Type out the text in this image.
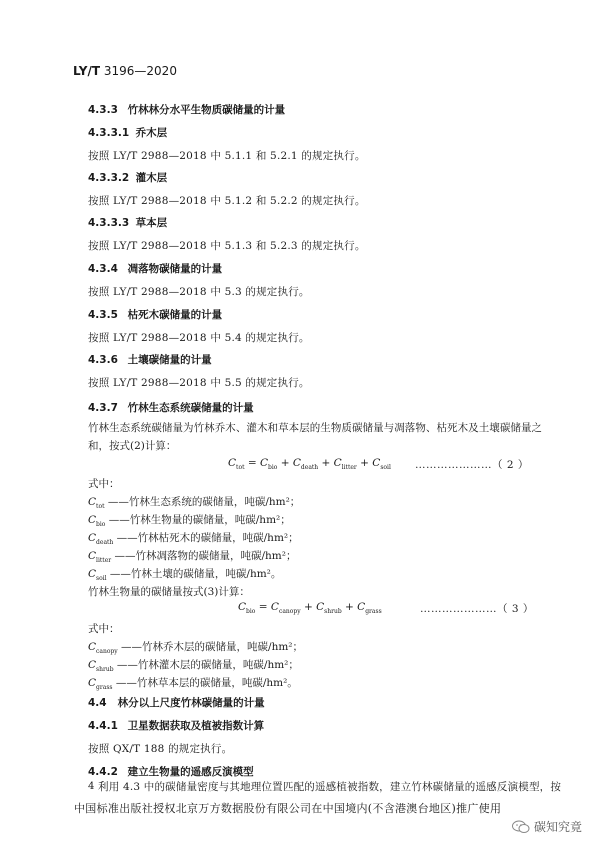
LY/T 3196—2020
4.3.3 竹林林分水平生物质碳储量的计量
4.3.3.1 乔木层
按照 LY/T 2988—2018 中 5.1.1 和 5.2.1 的规定执行。
4.3.3.2 灌木层
按照 LY/T 2988—2018 中 5.1.2 和 5.2.2 的规定执行。
4.3.3.3 草本层
按照 LY/T 2988—2018 中 5.1.3 和 5.2.3 的规定执行。
4.3.4 凋落物碳储量的计量
按照 LY/T 2988—2018 中 5.3 的规定执行。
4.3.5 枯死木碳储量的计量
按照 LY/T 2988—2018 中 5.4 的规定执行。
4.3.6 土壤碳储量的计量
按照 LY/T 2988—2018 中 5.5 的规定执行。
4.3.7 竹林生态系统碳储量的计量
竹林生态系统碳储量为竹林乔木、灌木和草本层的生物质碳储量与凋落物、枯死木及土壤碳储量之和，按式(2)计算：
$C_{tot} = C_{bio} + C_{death} + C_{litter} + C_{soil}$ …………………（ 2 ）
式中：
$C_{tot}$ ——竹林生态系统的碳储量，吨碳/hm²；
$C_{bio}$ ——竹林生物量的碳储量，吨碳/hm²；
$C_{death}$ ——竹林枯死木的碳储量，吨碳/hm²；
$C_{litter}$ ——竹林凋落物的碳储量，吨碳/hm²；
$C_{soil}$ ——竹林土壤的碳储量，吨碳/hm²。
竹林生物量的碳储量按式(3)计算：
$C_{bio} = C_{canopy} + C_{shrub} + C_{grass}$	…………………（ 3 ）
式中：
$C_{canopy}$ ——竹林乔木层的碳储量，吨碳/hm²；
$C_{shrub}$ ——竹林灌木层的碳储量，吨碳/hm²；
$C_{grass}$ ——竹林草本层的碳储量，吨碳/hm²。
4.4 林分以上尺度竹林碳储量的计量
4.4.1 卫星数据获取及植被指数计算
按照 QX/T 188 的规定执行。
4.4.2 建立生物量的遥感反演模型
4 利用 4.3 中的碳储量密度与其地理位置匹配的遥感植被指数，建立竹林碳储量的遥感反演模型，按
中国标准出版社授权北京万方数据股份有限公司在中国境内(不含港澳台地区)推广使用
碳知究竟
